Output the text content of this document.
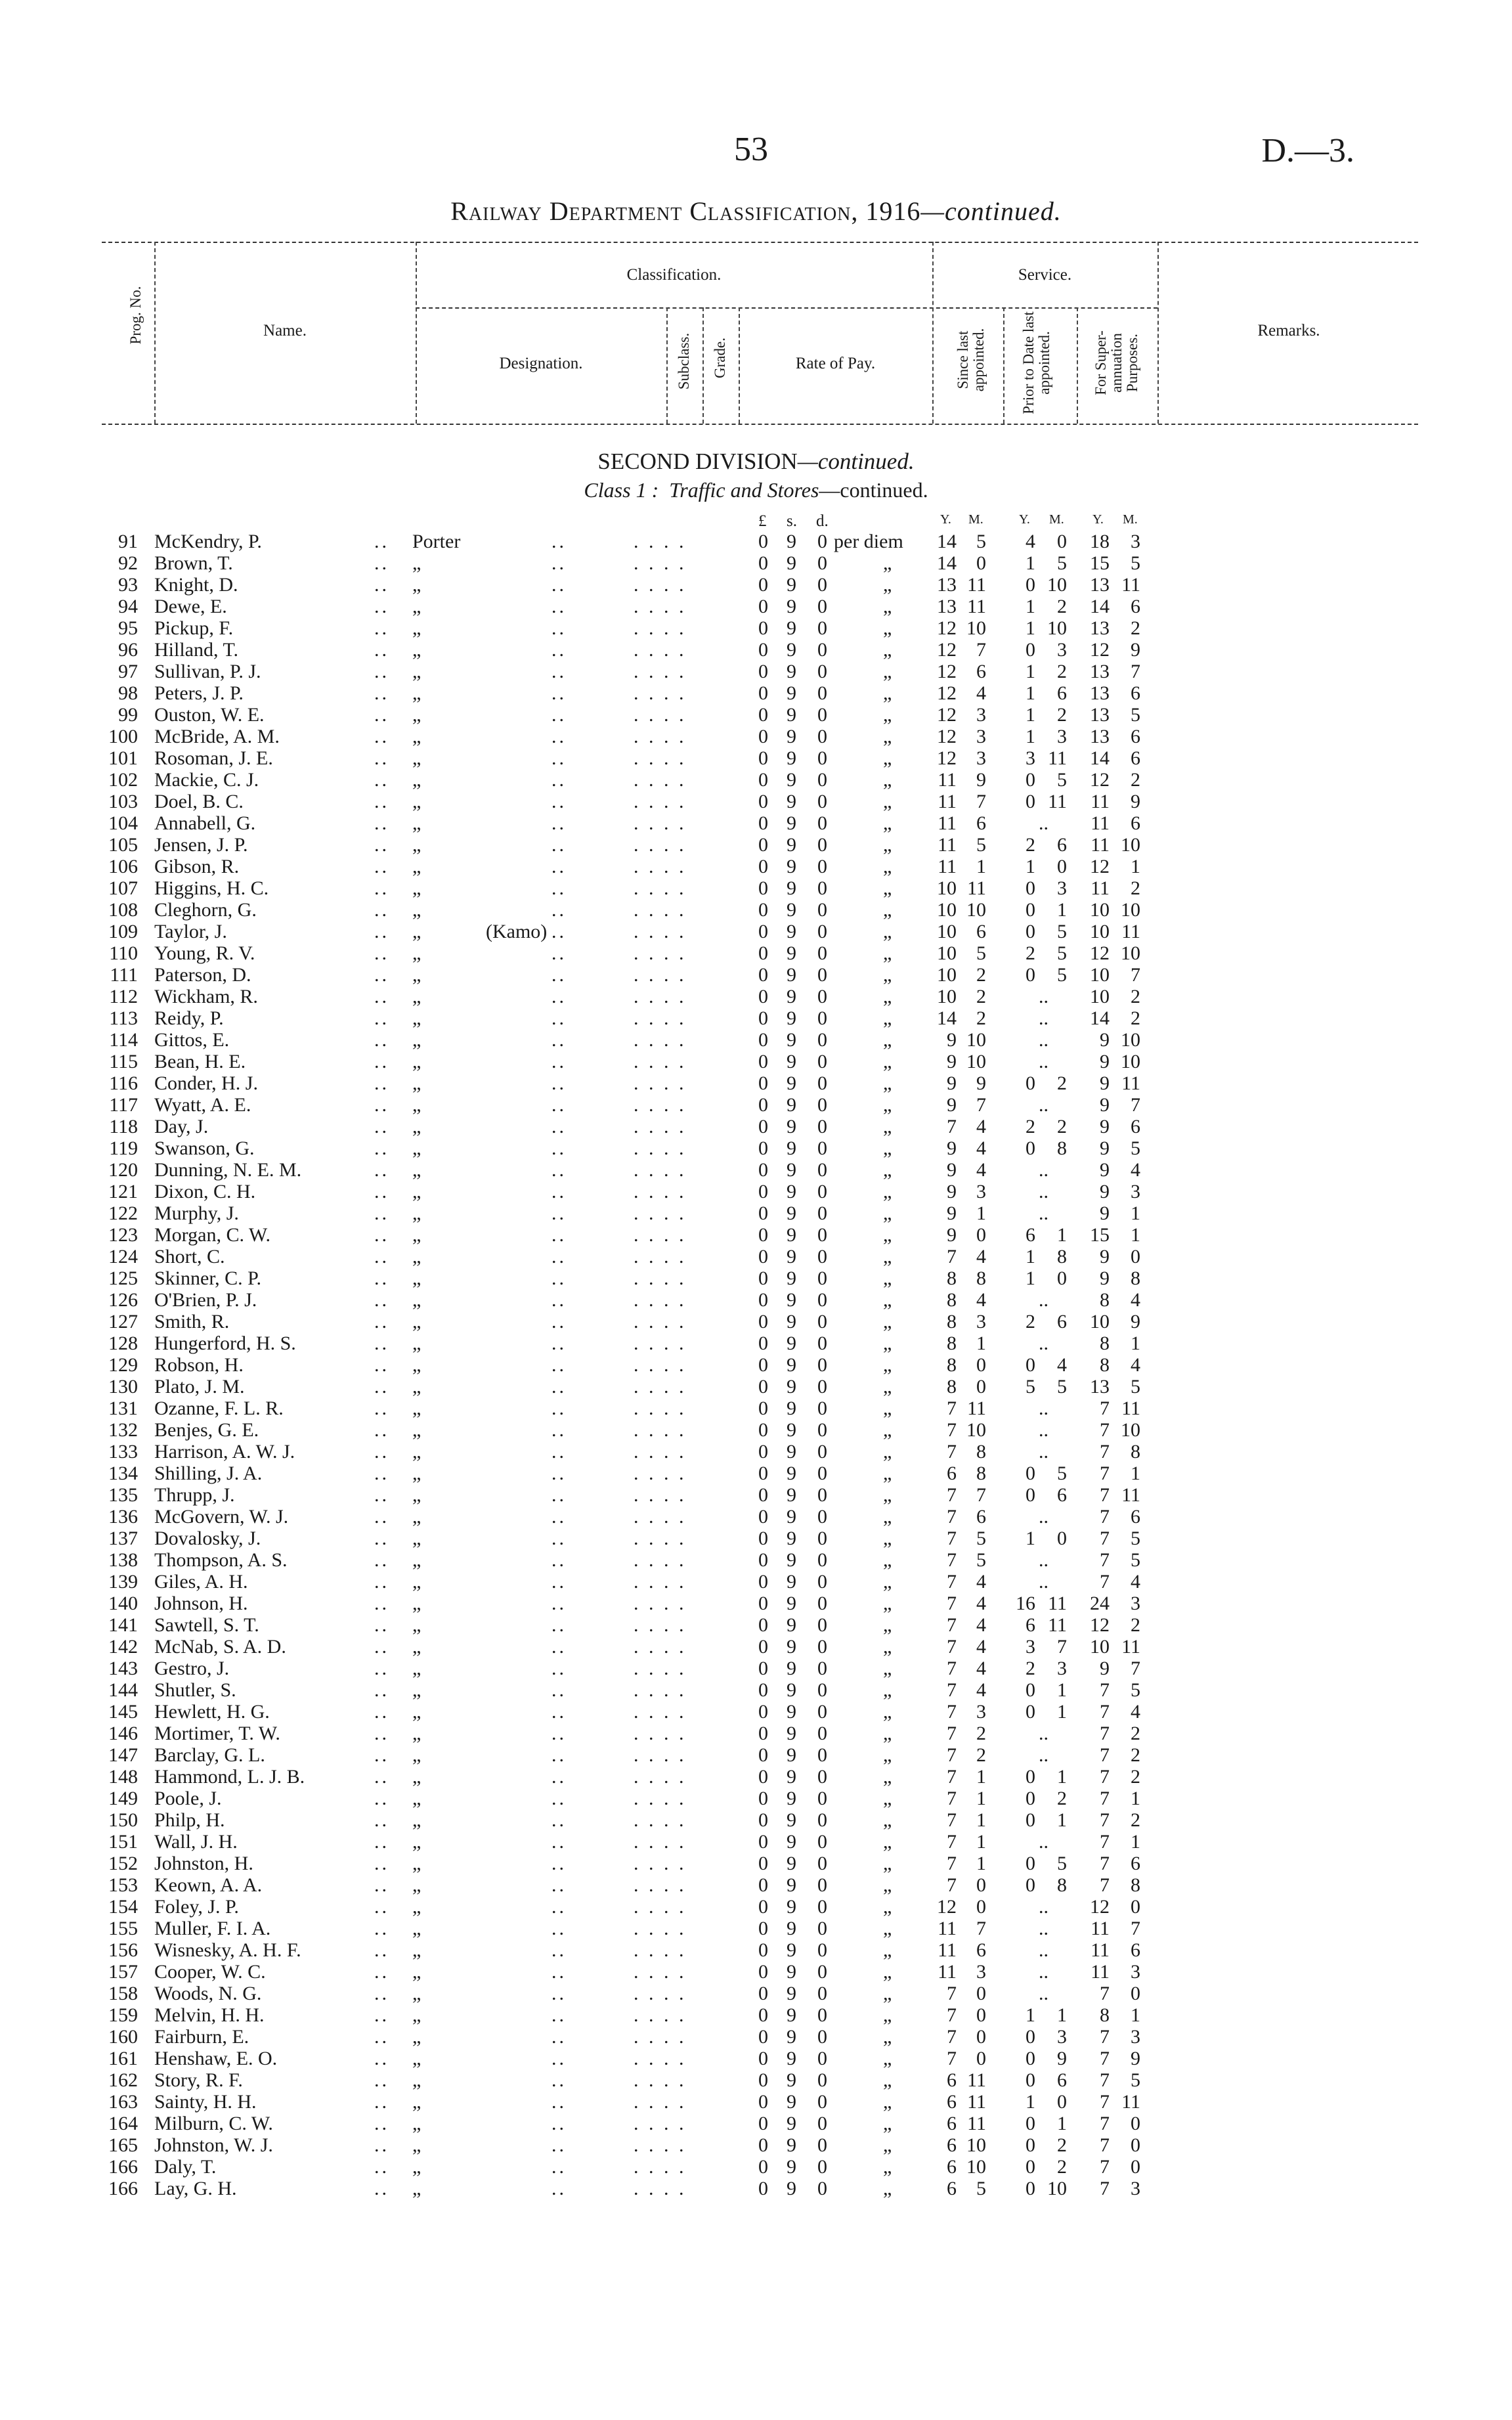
53	D.—3.
Railway Department Classification, 1916—continued.
Prog. No.	Name.
Classification.
Designation.	Subclass. Grade.	Rate of Pay.
Service.
Since last appointed. Prior to Date last appointed.	For Super-annuation Purposes.
Remarks.
SECOND DIVISION—continued.
Class 1 : Traffic and Stores—continued.
£ s. d.	Y. M.	Y. M. Y. M.
91 McKendry, P.	.. Porter	..	. . . .	0 9 0 per diem	14	5	4	0	18	3
92 Brown, T.	.. „	..	. . . .	0 9 0	„	14	0	1	5	15	5
93 Knight, D.	.. „	..	. . . .	0 9 0	„	13 11	0 10	13 11
94 Dewe, E.	.. „	..	. . . .	0 9 0	„	13 11	1	2	14	6
95 Pickup, F.	.. „	..	. . . .	0 9 0	„	12 10	1 10	13	2
96 Hilland, T.	.. „	..	. . . .	0 9 0	„	12	7	0	3	12	9
97 Sullivan, P. J.	.. „	..	. . . .	0 9 0	„	12	6	1	2	13	7
98 Peters, J. P.	.. „	..	. . . .	0 9 0	„	12	4	1	6	13	6
99 Ouston, W. E.	.. „	..	. . . .	0 9 0	„	12	3	1	2	13	5
100 McBride, A. M.	.. „	..	. . . .	0 9 0	„	12	3	1	3	13	6
101 Rosoman, J. E.	.. „	..	. . . .	0 9 0	„	12	3	3 11	14	6
102 Mackie, C. J.	.. „	..	. . . .	0 9 0	„	11	9	0	5	12	2
103 Doel, B. C.	.. „	..	. . . .	0 9 0	„	11	7	0 11	11	9
104 Annabell, G.	.. „	..	. . . .	0 9 0	„	11	6	..	11	6
105 Jensen, J. P.	.. „	..	. . . .	0 9 0	„	11	5	2	6	11 10
106 Gibson, R.	.. „	..	. . . .	0 9 0	„	11	1	1	0	12	1
107 Higgins, H. C.	.. „	..	. . . .	0 9 0	„	10 11	0	3	11	2
108 Cleghorn, G.	.. „	..	. . . .	0 9 0	„	10 10	0	1	10 10
109 Taylor, J.	.. „	(Kamo) ..	. . . .	0 9 0	„	10	6	0	5	10 11
110 Young, R. V.	.. „	..	. . . .	0 9 0	„	10	5	2	5	12 10
111 Paterson, D.	.. „	..	. . . .	0 9 0	„	10	2	0	5	10	7
112 Wickham, R.	.. „	..	. . . .	0 9 0	„	10	2	..	10	2
113 Reidy, P.	.. „	..	. . . .	0 9 0	„	14	2	..	14	2
114 Gittos, E.	.. „	..	. . . .	0 9 0	„	9 10	..	9 10
115 Bean, H. E.	.. „	..	. . . .	0 9 0	„	9 10	..	9 10
116 Conder, H. J.	.. „	..	. . . .	0 9 0	„	9	9	0	2	9 11
117 Wyatt, A. E.	.. „	..	. . . .	0 9 0	„	9	7	..	9	7
118 Day, J.	.. „	..	. . . .	0 9 0	„	7	4	2	2	9	6
119 Swanson, G.	.. „	..	. . . .	0 9 0	„	9	4	0	8	9	5
120 Dunning, N. E. M.	.. „	..	. . . .	0 9 0	„	9	4	..	9	4
121 Dixon, C. H.	.. „	..	. . . .	0 9 0	„	9	3	..	9	3
122 Murphy, J.	.. „	..	. . . .	0 9 0	„	9	1	..	9	1
123 Morgan, C. W.	.. „	..	. . . .	0 9 0	„	9	0	6	1	15	1
124 Short, C.	.. „	..	. . . .	0 9 0	„	7	4	1	8	9	0
125 Skinner, C. P.	.. „	..	. . . .	0 9 0	„	8	8	1	0	9	8
126 O'Brien, P. J.	.. „	..	. . . .	0 9 0	„	8	4	..	8	4
127 Smith, R.	.. „	..	. . . .	0 9 0	„	8	3	2	6	10	9
128 Hungerford, H. S.	.. „	..	. . . .	0 9 0	„	8	1	..	8	1
129 Robson, H.	.. „	..	. . . .	0 9 0	„	8	0	0	4	8	4
130 Plato, J. M.	.. „	..	. . . .	0 9 0	„	8	0	5	5	13	5
131 Ozanne, F. L. R.	.. „	..	. . . .	0 9 0	„	7 11	..	7 11
132 Benjes, G. E.	.. „	..	. . . .	0 9 0	„	7 10	..	7 10
133 Harrison, A. W. J.	.. „	..	. . . .	0 9 0	„	7	8	..	7	8
134 Shilling, J. A.	.. „	..	. . . .	0 9 0	„	6	8	0	5	7	1
135 Thrupp, J.	.. „	..	. . . .	0 9 0	„	7	7	0	6	7 11
136 McGovern, W. J.	.. „	..	. . . .	0 9 0	„	7	6	..	7	6
137 Dovalosky, J.	.. „	..	. . . .	0 9 0	„	7	5	1	0	7	5
138 Thompson, A. S.	.. „	..	. . . .	0 9 0	„	7	5	..	7	5
139 Giles, A. H.	.. „	..	. . . .	0 9 0	„	7	4	..	7	4
140 Johnson, H.	.. „	..	. . . .	0 9 0	„	7	4	16 11	24	3
141 Sawtell, S. T.	.. „	..	. . . .	0 9 0	„	7	4	6 11	12	2
142 McNab, S. A. D.	.. „	..	. . . .	0 9 0	„	7	4	3	7	10 11
143 Gestro, J.	.. „	..	. . . .	0 9 0	„	7	4	2	3	9	7
144 Shutler, S.	.. „	..	. . . .	0 9 0	„	7	4	0	1	7	5
145 Hewlett, H. G.	.. „	..	. . . .	0 9 0	„	7	3	0	1	7	4
146 Mortimer, T. W.	.. „	..	. . . .	0 9 0	„	7	2	..	7	2
147 Barclay, G. L.	.. „	..	. . . .	0 9 0	„	7	2	..	7	2
148 Hammond, L. J. B.	.. „	..	. . . .	0 9 0	„	7	1	0	1	7	2
149 Poole, J.	.. „	..	. . . .	0 9 0	„	7	1	0	2	7	1
150 Philp, H.	.. „	..	. . . .	0 9 0	„	7	1	0	1	7	2
151 Wall, J. H.	.. „	..	. . . .	0 9 0	„	7	1	..	7	1
152 Johnston, H.	.. „	..	. . . .	0 9 0	„	7	1	0	5	7	6
153 Keown, A. A.	.. „	..	. . . .	0 9 0	„	7	0	0	8	7	8
154 Foley, J. P.	.. „	..	. . . .	0 9 0	„	12	0	..	12	0
155 Muller, F. I. A.	.. „	..	. . . .	0 9 0	„	11	7	..	11	7
156 Wisnesky, A. H. F.	.. „	..	. . . .	0 9 0	„	11	6	..	11	6
157 Cooper, W. C.	.. „	..	. . . .	0 9 0	„	11	3	..	11	3
158 Woods, N. G.	.. „	..	. . . .	0 9 0	„	7	0	..	7	0
159 Melvin, H. H.	.. „	..	. . . .	0 9 0	„	7	0	1	1	8	1
160 Fairburn, E.	.. „	..	. . . .	0 9 0	„	7	0	0	3	7	3
161 Henshaw, E. O.	.. „	..	. . . .	0 9 0	„	7	0	0	9	7	9
162 Story, R. F.	.. „	..	. . . .	0 9 0	„	6 11	0	6	7	5
163 Sainty, H. H.	.. „	..	. . . .	0 9 0	„	6 11	1	0	7 11
164 Milburn, C. W.	.. „	..	. . . .	0 9 0	„	6 11	0	1	7	0
165 Johnston, W. J.	.. „	..	. . . .	0 9 0	„	6 10	0	2	7	0
166 Daly, T.	.. „	..	. . . .	0 9 0	„	6 10	0	2	7	0
166 Lay, G. H.	.. „	..	. . . .	0 9 0	„	6	5	0 10	7	3
